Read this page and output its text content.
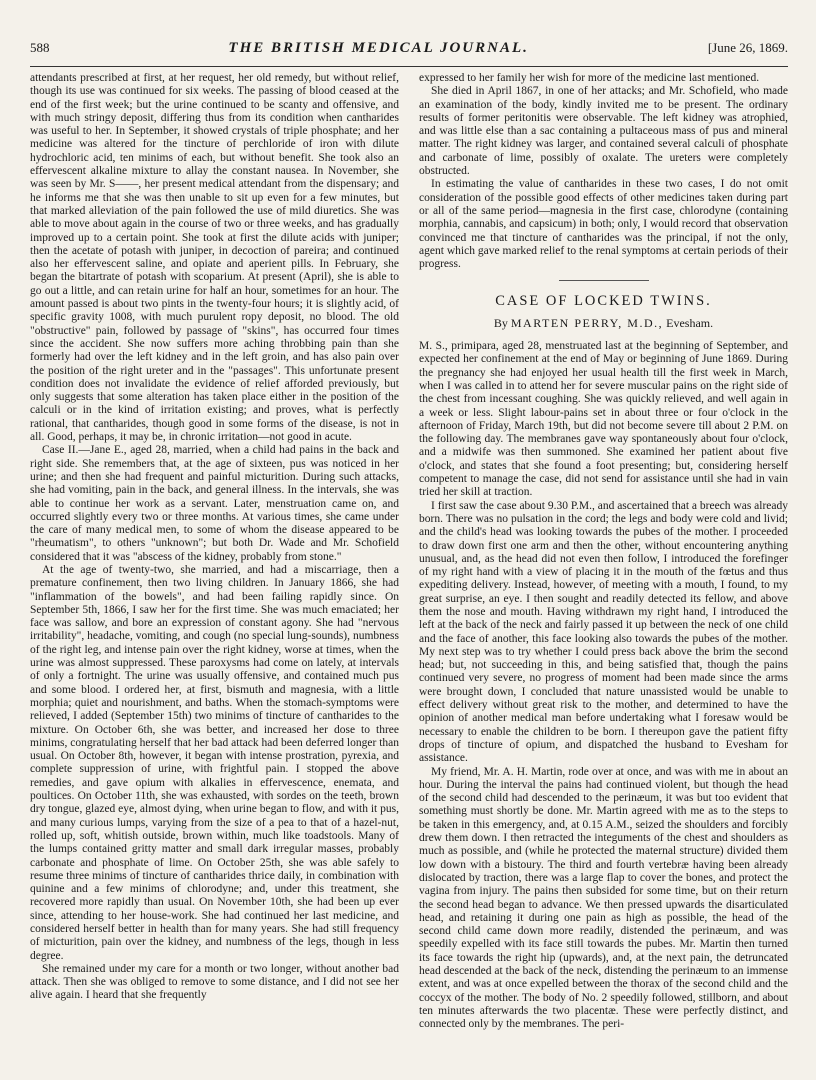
588	THE BRITISH MEDICAL JOURNAL.	[June 26, 1869.

attendants prescribed at first, at her request, her old remedy, but without relief, though its use was continued for six weeks. The passing of blood ceased at the end of the first week; but the urine continued to be scanty and offensive, and with much stringy deposit, differing thus from its condition when cantharides was useful to her. In September, it showed crystals of triple phosphate; and her medicine was altered for the tincture of perchloride of iron with dilute hydrochloric acid, ten minims of each, but without benefit. She took also an effervescent alkaline mixture to allay the constant nausea. In November, she was seen by Mr. S——, her present medical attendant from the dispensary; and he informs me that she was then unable to sit up even for a few minutes, but that marked alleviation of the pain followed the use of mild diuretics. She was able to move about again in the course of two or three weeks, and has gradually improved up to a certain point. She took at first the dilute acids with juniper; then the acetate of potash with juniper, in decoction of pareira; and continued also her effervescent saline, and opiate and aperient pills. In February, she began the bitartrate of potash with scoparium. At present (April), she is able to go out a little, and can retain urine for half an hour, sometimes for an hour. The amount passed is about two pints in the twenty-four hours; it is slightly acid, of specific gravity 1008, with much purulent ropy deposit, no blood. The old "obstructive" pain, followed by passage of "skins", has occurred four times since the accident. She now suffers more aching throbbing pain than she formerly had over the left kidney and in the left groin, and has also pain over the position of the right ureter and in the "passages". This unfortunate present condition does not invalidate the evidence of relief afforded previously, but only suggests that some alteration has taken place either in the position of the calculi or in the kind of irritation existing; and proves, what is perfectly rational, that cantharides, though good in some forms of the disease, is not in all. Good, perhaps, it may be, in chronic irritation—not good in acute.

Case II.—Jane E., aged 28, married, when a child had pains in the back and right side. She remembers that, at the age of sixteen, pus was noticed in her urine; and then she had frequent and painful micturition. During such attacks, she had vomiting, pain in the back, and general illness. In the intervals, she was able to continue her work as a servant. Later, menstruation came on, and occurred slightly every two or three months. At various times, she came under the care of many medical men, to some of whom the disease appeared to be "rheumatism", to others "unknown"; but both Dr. Wade and Mr. Schofield considered that it was "abscess of the kidney, probably from stone."

At the age of twenty-two, she married, and had a miscarriage, then a premature confinement, then two living children. In January 1866, she had "inflammation of the bowels", and had been failing rapidly since. On September 5th, 1866, I saw her for the first time. She was much emaciated; her face was sallow, and bore an expression of constant agony. She had "nervous irritability", headache, vomiting, and cough (no special lung-sounds), numbness of the right leg, and intense pain over the right kidney, worse at times, when the urine was almost suppressed. These paroxysms had come on lately, at intervals of only a fortnight. The urine was usually offensive, and contained much pus and some blood. I ordered her, at first, bismuth and magnesia, with a little morphia; quiet and nourishment, and baths. When the stomach-symptoms were relieved, I added (September 15th) two minims of tincture of cantharides to the mixture. On October 6th, she was better, and increased her dose to three minims, congratulating herself that her bad attack had been deferred longer than usual. On October 8th, however, it began with intense prostration, pyrexia, and complete suppression of urine, with frightful pain. I stopped the above remedies, and gave opium with alkalies in effervescence, enemata, and poultices. On October 11th, she was exhausted, with sordes on the teeth, brown dry tongue, glazed eye, almost dying, when urine began to flow, and with it pus, and many curious lumps, varying from the size of a pea to that of a hazel-nut, rolled up, soft, whitish outside, brown within, much like toadstools. Many of the lumps contained gritty matter and small dark irregular masses, probably carbonate and phosphate of lime. On October 25th, she was able safely to resume three minims of tincture of cantharides thrice daily, in combination with quinine and a few minims of chlorodyne; and, under this treatment, she recovered more rapidly than usual. On November 10th, she had been up ever since, attending to her house-work. She had continued her last medicine, and considered herself better in health than for many years. She had still frequency of micturition, pain over the kidney, and numbness of the legs, though in less degree.

She remained under my care for a month or two longer, without another bad attack. Then she was obliged to remove to some distance, and I did not see her alive again. I heard that she frequently

expressed to her family her wish for more of the medicine last mentioned.

She died in April 1867, in one of her attacks; and Mr. Schofield, who made an examination of the body, kindly invited me to be present. The ordinary results of former peritonitis were observable. The left kidney was atrophied, and was little else than a sac containing a pultaceous mass of pus and mineral matter. The right kidney was larger, and contained several calculi of phosphate and carbonate of lime, possibly of oxalate. The ureters were completely obstructed.

In estimating the value of cantharides in these two cases, I do not omit consideration of the possible good effects of other medicines taken during part or all of the same period—magnesia in the first case, chlorodyne (containing morphia, cannabis, and capsicum) in both; only, I would record that observation convinced me that tincture of cantharides was the principal, if not the only, agent which gave marked relief to the renal symptoms at certain periods of their progress.

CASE OF LOCKED TWINS.
By MARTEN PERRY, M.D., Evesham.

M. S., primipara, aged 28, menstruated last at the beginning of September, and expected her confinement at the end of May or beginning of June 1869. During the pregnancy she had enjoyed her usual health till the first week in March, when I was called in to attend her for severe muscular pains on the right side of the chest from incessant coughing. She was quickly relieved, and well again in a week or less. Slight labour-pains set in about three or four o'clock in the afternoon of Friday, March 19th, but did not become severe till about 2 P.M. on the following day. The membranes gave way spontaneously about four o'clock, and a midwife was then summoned. She examined her patient about five o'clock, and states that she found a foot presenting; but, considering herself competent to manage the case, did not send for assistance until she had in vain tried her skill at traction.

I first saw the case about 9.30 P.M., and ascertained that a breech was already born. There was no pulsation in the cord; the legs and body were cold and livid; and the child's head was looking towards the pubes of the mother. I proceeded to draw down first one arm and then the other, without encountering anything unusual, and, as the head did not even then follow, I introduced the forefinger of my right hand with a view of placing it in the mouth of the fœtus and thus expediting delivery. Instead, however, of meeting with a mouth, I found, to my great surprise, an eye. I then sought and readily detected its fellow, and above them the nose and mouth. Having withdrawn my right hand, I introduced the left at the back of the neck and fairly passed it up between the neck of one child and the face of another, this face looking also towards the pubes of the mother. My next step was to try whether I could press back above the brim the second head; but, not succeeding in this, and being satisfied that, though the pains continued very severe, no progress of moment had been made since the arms were brought down, I concluded that nature unassisted would be unable to effect delivery without great risk to the mother, and determined to have the opinion of another medical man before undertaking what I foresaw would be necessary to enable the children to be born. I thereupon gave the patient fifty drops of tincture of opium, and dispatched the husband to Evesham for assistance.

My friend, Mr. A. H. Martin, rode over at once, and was with me in about an hour. During the interval the pains had continued violent, but though the head of the second child had descended to the perinæum, it was but too evident that something must shortly be done. Mr. Martin agreed with me as to the steps to be taken in this emergency, and, at 0.15 A.M., seized the shoulders and forcibly drew them down. I then retracted the integuments of the chest and shoulders as much as possible, and (while he protected the maternal structure) divided them low down with a bistoury. The third and fourth vertebræ having been already dislocated by traction, there was a large flap to cover the bones, and protect the vagina from injury. The pains then subsided for some time, but on their return the second head began to advance. We then pressed upwards the disarticulated head, and retaining it during one pain as high as possible, the head of the second child came down more readily, distended the perinæum, and was speedily expelled with its face still towards the pubes. Mr. Martin then turned its face towards the right hip (upwards), and, at the next pain, the detruncated head descended at the back of the neck, distending the perinæum to an immense extent, and was at once expelled between the thorax of the second child and the coccyx of the mother. The body of No. 2 speedily followed, stillborn, and about ten minutes afterwards the two placentæ. These were perfectly distinct, and connected only by the membranes. The peri-
